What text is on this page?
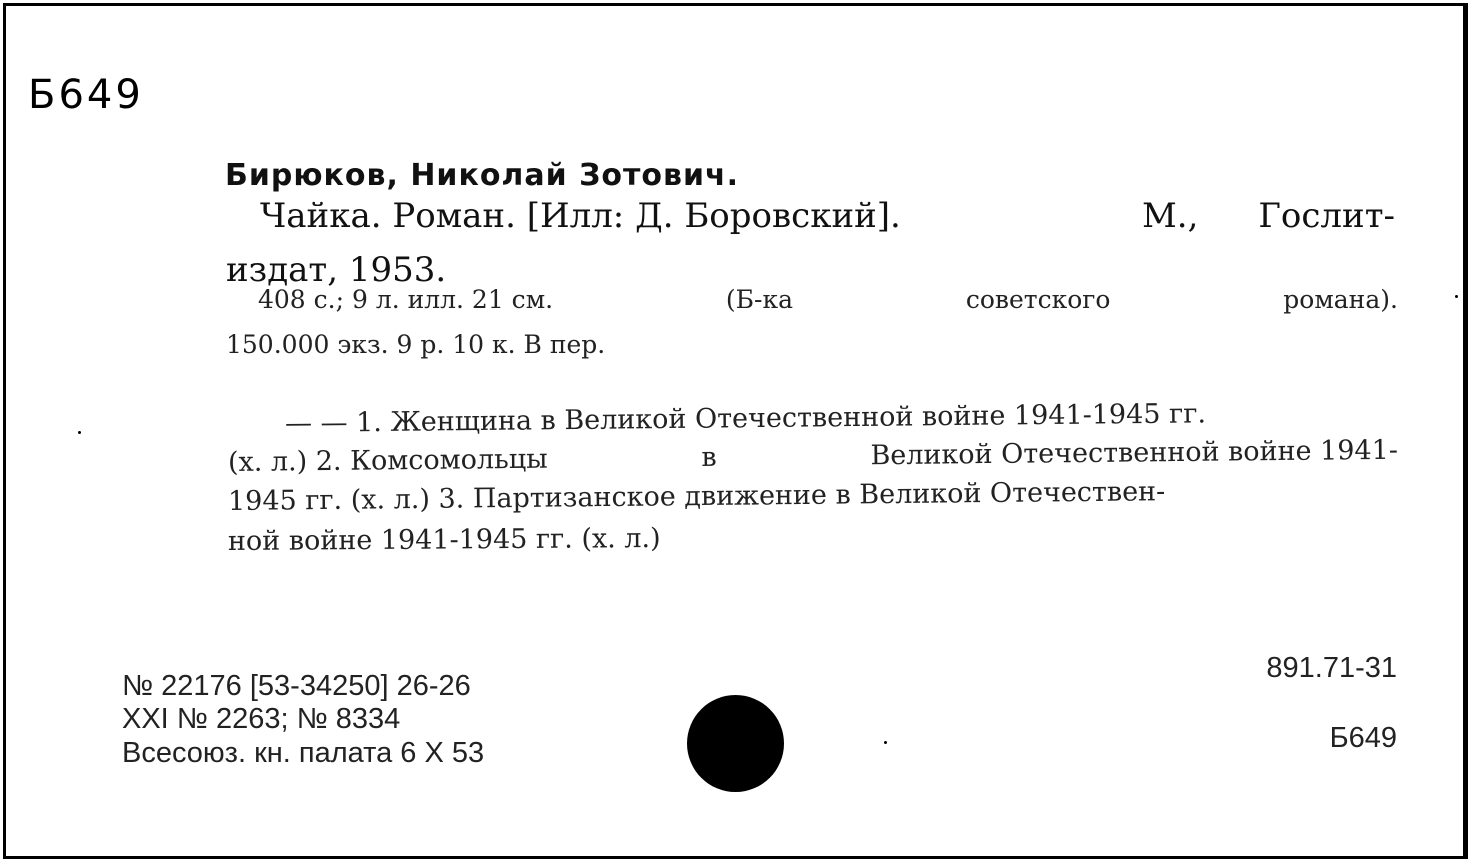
Б649
Бирюков, Николай Зотович.
Чайка. Роман. [Илл: Д. Боровский].	М., Гослит-
издат, 1953.
408 с.; 9 л. илл. 21 см.	(Б-ка	советского	романа).
150.000 экз. 9 р. 10 к. В пер.
— — 1. Женщина в Великой Отечественной войне 1941-1945 гг.
(х. л.) 2. Комсомольцы	в	Великой Отечественной войне 1941-
1945 гг. (х. л.) 3. Партизанское движение в Великой Отечествен-
ной войне 1941-1945 гг. (х. л.)
№ 22176 [53-34250] 26-26
XXI № 2263; № 8334
Всесоюз. кн. палата 6 X 53
891.71-31
Б649
